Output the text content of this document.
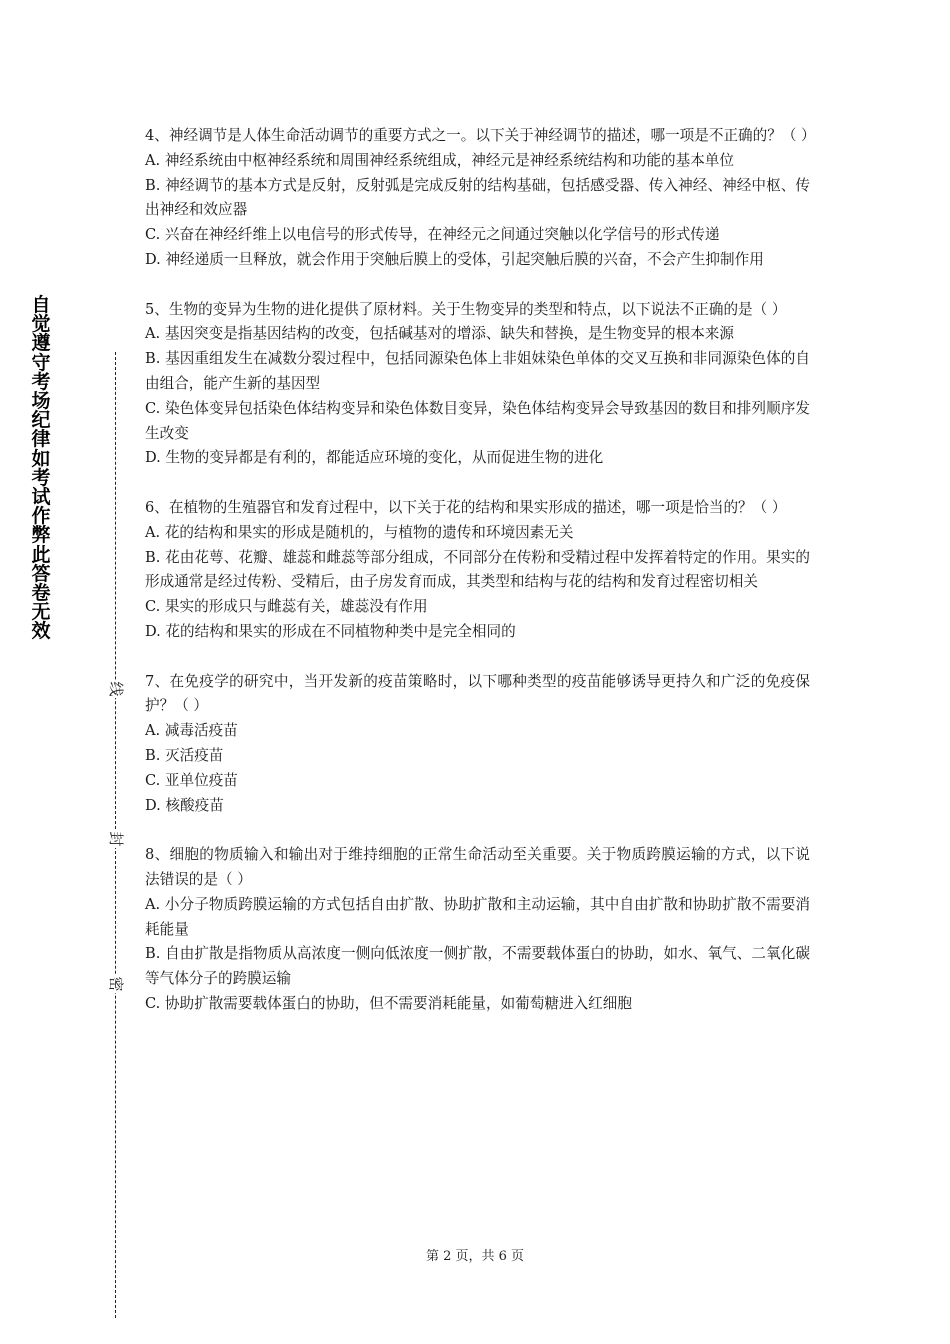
自觉遵守考场纪律如考试作弊此答卷无效
线
封
密

4、神经调节是人体生命活动调节的重要方式之一。以下关于神经调节的描述，哪一项是不正确的？（ ）

A. 神经系统由中枢神经系统和周围神经系统组成，神经元是神经系统结构和功能的基本单位

B. 神经调节的基本方式是反射，反射弧是完成反射的结构基础，包括感受器、传入神经、神经中枢、传出神经和效应器

C. 兴奋在神经纤维上以电信号的形式传导，在神经元之间通过突触以化学信号的形式传递

D. 神经递质一旦释放，就会作用于突触后膜上的受体，引起突触后膜的兴奋，不会产生抑制作用

5、生物的变异为生物的进化提供了原材料。关于生物变异的类型和特点，以下说法不正确的是（ ）

A. 基因突变是指基因结构的改变，包括碱基对的增添、缺失和替换，是生物变异的根本来源

B. 基因重组发生在减数分裂过程中，包括同源染色体上非姐妹染色单体的交叉互换和非同源染色体的自由组合，能产生新的基因型

C. 染色体变异包括染色体结构变异和染色体数目变异，染色体结构变异会导致基因的数目和排列顺序发生改变

D. 生物的变异都是有利的，都能适应环境的变化，从而促进生物的进化

6、在植物的生殖器官和发育过程中，以下关于花的结构和果实形成的描述，哪一项是恰当的？（ ）

A. 花的结构和果实的形成是随机的，与植物的遗传和环境因素无关

B. 花由花萼、花瓣、雄蕊和雌蕊等部分组成，不同部分在传粉和受精过程中发挥着特定的作用。果实的形成通常是经过传粉、受精后，由子房发育而成，其类型和结构与花的结构和发育过程密切相关

C. 果实的形成只与雌蕊有关，雄蕊没有作用

D. 花的结构和果实的形成在不同植物种类中是完全相同的

7、在免疫学的研究中，当开发新的疫苗策略时，以下哪种类型的疫苗能够诱导更持久和广泛的免疫保护？（ ）

A. 减毒活疫苗

B. 灭活疫苗

C. 亚单位疫苗

D. 核酸疫苗

8、细胞的物质输入和输出对于维持细胞的正常生命活动至关重要。关于物质跨膜运输的方式，以下说法错误的是（ ）

A. 小分子物质跨膜运输的方式包括自由扩散、协助扩散和主动运输，其中自由扩散和协助扩散不需要消耗能量

B. 自由扩散是指物质从高浓度一侧向低浓度一侧扩散，不需要载体蛋白的协助，如水、氧气、二氧化碳等气体分子的跨膜运输

C. 协助扩散需要载体蛋白的协助，但不需要消耗能量，如葡萄糖进入红细胞

第 2 页，共 6 页
